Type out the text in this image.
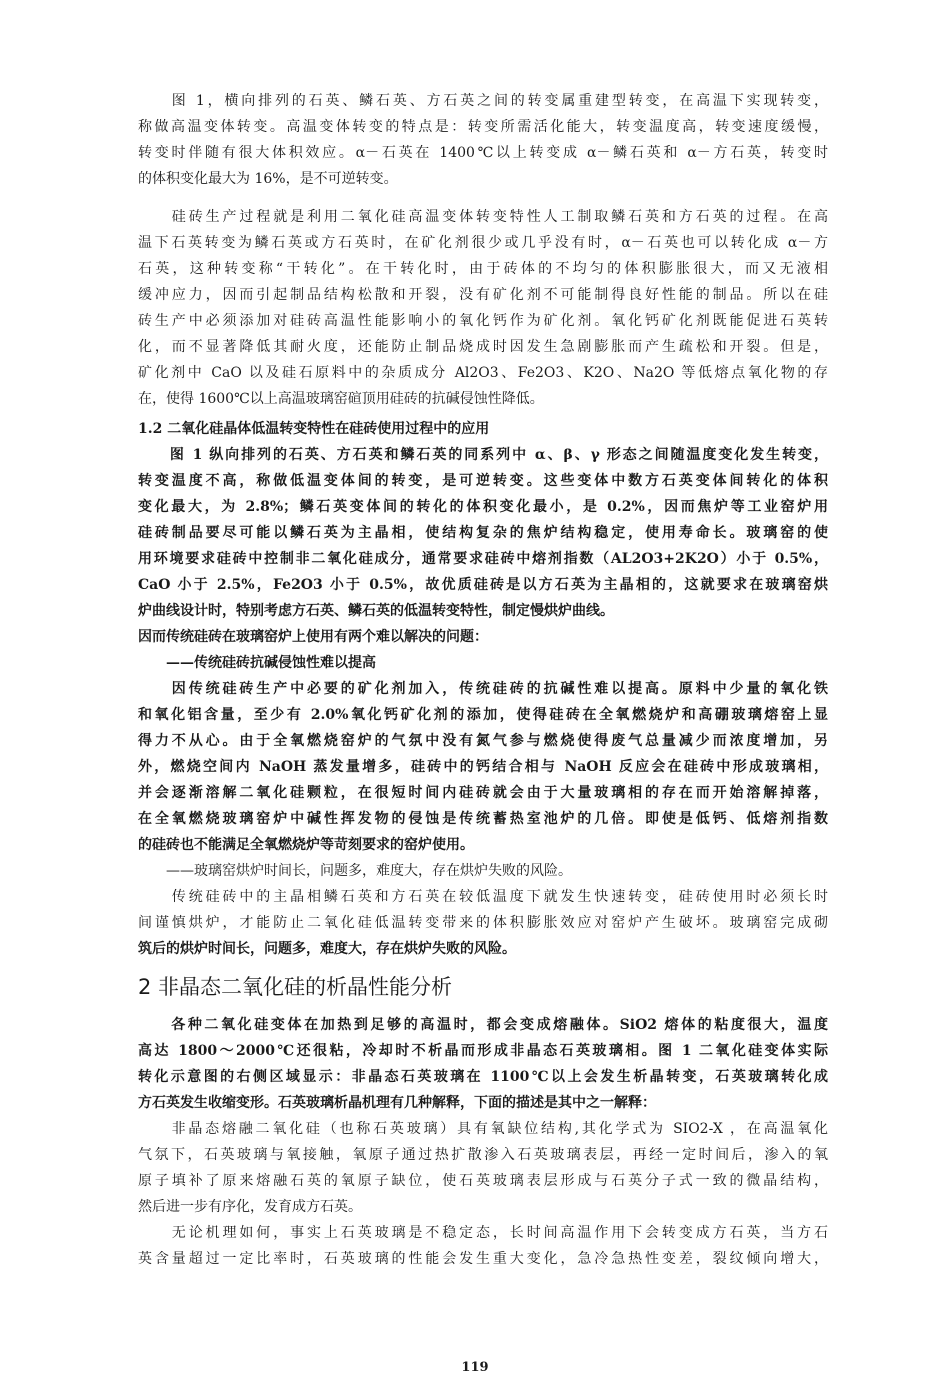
　　图 1，横向排列的石英、鳞石英、方石英之间的转变属重建型转变，在高温下实现转变，
称做高温变体转变。高温变体转变的特点是：转变所需活化能大，转变温度高，转变速度缓慢，
转变时伴随有很大体积效应。α－石英在 1400℃以上转变成 α－鳞石英和 α－方石英，转变时
的体积变化最大为 16%，是不可逆转变。
　　硅砖生产过程就是利用二氧化硅高温变体转变特性人工制取鳞石英和方石英的过程。在高
温下石英转变为鳞石英或方石英时，在矿化剂很少或几乎没有时，α－石英也可以转化成 α－方
石英，这种转变称“干转化”。在干转化时，由于砖体的不均匀的体积膨胀很大，而又无液相
缓冲应力，因而引起制品结构松散和开裂，没有矿化剂不可能制得良好性能的制品。所以在硅
砖生产中必须添加对硅砖高温性能影响小的氧化钙作为矿化剂。氧化钙矿化剂既能促进石英转
化，而不显著降低其耐火度，还能防止制品烧成时因发生急剧膨胀而产生疏松和开裂。但是，
矿化剂中 CaO 以及硅石原料中的杂质成分 Al2O3、Fe2O3、K2O、Na2O 等低熔点氧化物的存
在，使得 1600℃以上高温玻璃窑碹顶用硅砖的抗碱侵蚀性降低。
1.2 二氧化硅晶体低温转变特性在硅砖使用过程中的应用
　　图 1 纵向排列的石英、方石英和鳞石英的同系列中 α、β、γ 形态之间随温度变化发生转变，
转变温度不高，称做低温变体间的转变，是可逆转变。这些变体中数方石英变体间转化的体积
变化最大，为 2.8%；鳞石英变体间的转化的体积变化最小，是 0.2%，因而焦炉等工业窑炉用
硅砖制品要尽可能以鳞石英为主晶相，使结构复杂的焦炉结构稳定，使用寿命长。玻璃窑的使
用环境要求硅砖中控制非二氧化硅成分，通常要求硅砖中熔剂指数（AL2O3+2K2O）小于 0.5%，
CaO 小于 2.5%，Fe2O3 小于 0.5%，故优质硅砖是以方石英为主晶相的，这就要求在玻璃窑烘
炉曲线设计时，特别考虑方石英、鳞石英的低温转变特性，制定慢烘炉曲线。
因而传统硅砖在玻璃窑炉上使用有两个难以解决的问题：
　　——传统硅砖抗碱侵蚀性难以提高
　　因传统硅砖生产中必要的矿化剂加入，传统硅砖的抗碱性难以提高。原料中少量的氧化铁
和氧化铝含量，至少有 2.0%氧化钙矿化剂的添加，使得硅砖在全氧燃烧炉和高硼玻璃熔窑上显
得力不从心。由于全氧燃烧窑炉的气氛中没有氮气参与燃烧使得废气总量减少而浓度增加，另
外，燃烧空间内 NaOH 蒸发量增多，硅砖中的钙结合相与 NaOH 反应会在硅砖中形成玻璃相，
并会逐渐溶解二氧化硅颗粒，在很短时间内硅砖就会由于大量玻璃相的存在而开始溶解掉落，
在全氧燃烧玻璃窑炉中碱性挥发物的侵蚀是传统蓄热室池炉的几倍。即使是低钙、低熔剂指数
的硅砖也不能满足全氧燃烧炉等苛刻要求的窑炉使用。
　　——玻璃窑烘炉时间长，问题多，难度大，存在烘炉失败的风险。
　　传统硅砖中的主晶相鳞石英和方石英在较低温度下就发生快速转变，硅砖使用时必须长时
间谨慎烘炉，才能防止二氧化硅低温转变带来的体积膨胀效应对窑炉产生破坏。玻璃窑完成砌
筑后的烘炉时间长，问题多，难度大，存在烘炉失败的风险。
2 非晶态二氧化硅的析晶性能分析
　　各种二氧化硅变体在加热到足够的高温时，都会变成熔融体。SiO2 熔体的粘度很大，温度
高达 1800～2000℃还很粘，冷却时不析晶而形成非晶态石英玻璃相。图 1 二氧化硅变体实际
转化示意图的右侧区域显示：非晶态石英玻璃在 1100℃以上会发生析晶转变，石英玻璃转化成
方石英发生收缩变形。石英玻璃析晶机理有几种解释，下面的描述是其中之一解释：
　　非晶态熔融二氧化硅（也称石英玻璃）具有氧缺位结构,其化学式为 SIO2-X ，在高温氧化
气氛下，石英玻璃与氧接触，氧原子通过热扩散渗入石英玻璃表层，再经一定时间后，渗入的氧
原子填补了原来熔融石英的氧原子缺位，使石英玻璃表层形成与石英分子式一致的微晶结构，
然后进一步有序化，发育成方石英。
　　无论机理如何，事实上石英玻璃是不稳定态，长时间高温作用下会转变成方石英，当方石
英含量超过一定比率时，石英玻璃的性能会发生重大变化，急冷急热性变差，裂纹倾向增大，
119
